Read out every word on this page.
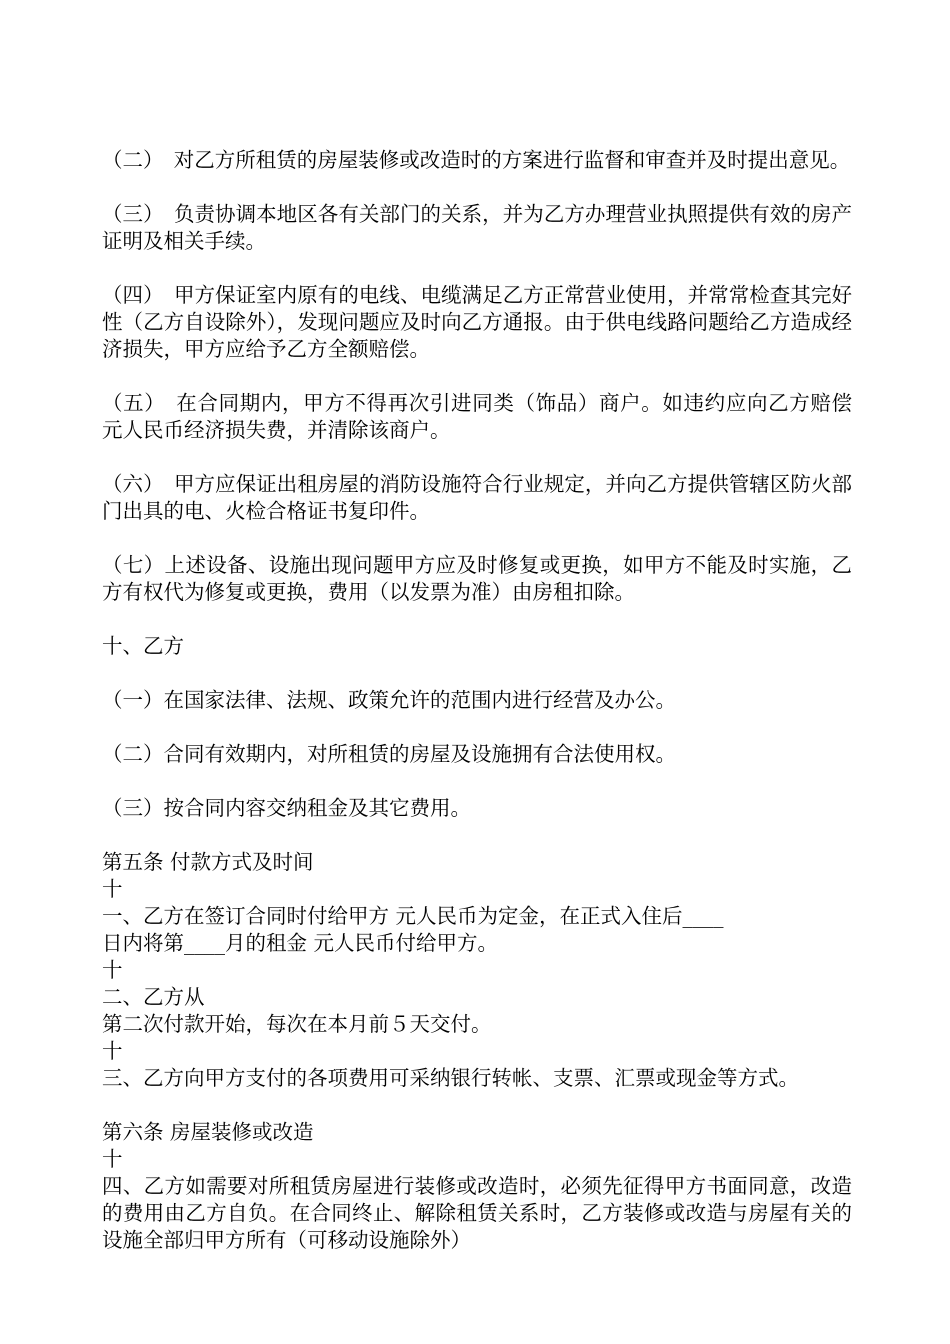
（二）　对乙方所租赁的房屋装修或改造时的方案进行监督和审查并及时提出意见。

（三）　负责协调本地区各有关部门的关系，并为乙方办理营业执照提供有效的房产证明及相关手续。

（四）　甲方保证室内原有的电线、电缆满足乙方正常营业使用，并常常检查其完好性（乙方自设除外），发现问题应及时向乙方通报。由于供电线路问题给乙方造成经济损失，甲方应给予乙方全额赔偿。

（五）　在合同期内，甲方不得再次引进同类（饰品）商户。如违约应向乙方赔偿 元人民币经济损失费，并清除该商户。

（六）　甲方应保证出租房屋的消防设施符合行业规定，并向乙方提供管辖区防火部门出具的电、火检合格证书复印件。

（七）上述设备、设施出现问题甲方应及时修复或更换，如甲方不能及时实施，乙方有权代为修复或更换，费用（以发票为准）由房租扣除。

十、乙方

（一）在国家法律、法规、政策允许的范围内进行经营及办公。

（二）合同有效期内，对所租赁的房屋及设施拥有合法使用权。

（三）按合同内容交纳租金及其它费用。

第五条 付款方式及时间

十

一、乙方在签订合同时付给甲方 元人民币为定金，在正式入住后____

日内将第____月的租金 元人民币付给甲方。

十

二、乙方从

第二次付款开始，每次在本月前５天交付。

十

三、乙方向甲方支付的各项费用可采纳银行转帐、支票、汇票或现金等方式。

第六条 房屋装修或改造

十

四、乙方如需要对所租赁房屋进行装修或改造时，必须先征得甲方书面同意，改造的费用由乙方自负。在合同终止、解除租赁关系时，乙方装修或改造与房屋有关的设施全部归甲方所有（可移动设施除外）
